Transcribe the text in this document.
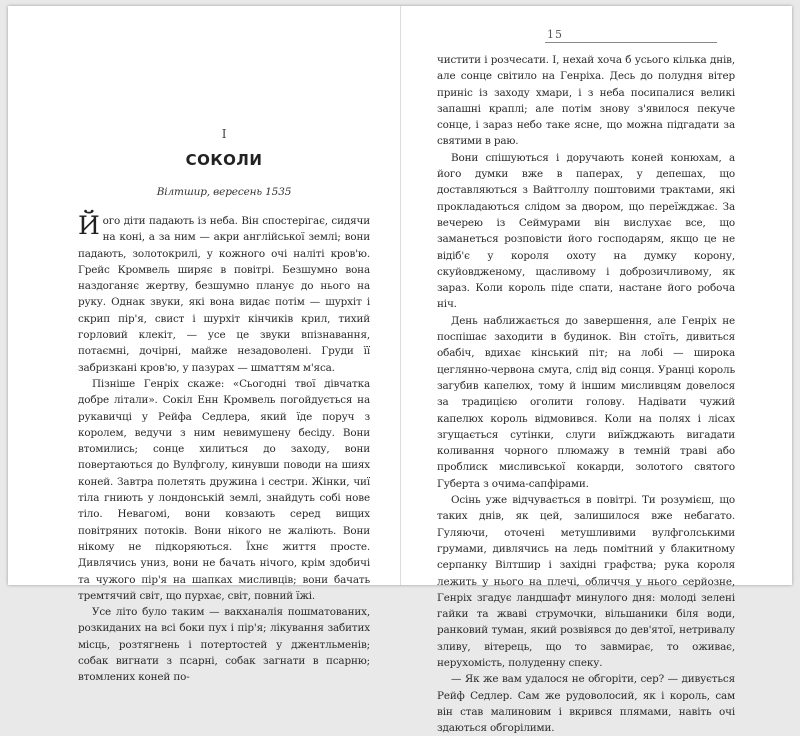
I
СОКОЛИ
Вілтшир, вересень 1535

Його діти падають із неба. Він спостерігає, сидячи на коні, а за ним — акри англійської землі; вони падають, золотокрилі, у кожного очі наліті кров'ю. Грейс Кромвель ширяє в повітрі. Безшумно вона наздоганяє жертву, безшумно планує до нього на руку. Однак звуки, які вона видає потім — шурхіт і скрип пір'я, свист і шурхіт кінчиків крил, тихий горловий клекіт, — усе це звуки впізнавання, потаємні, дочірні, майже незадоволені. Груди її забризкані кров'ю, у пазурах — шматтям м'яса.

Пізніше Генріх скаже: «Сьогодні твої дівчатка добре літали». Сокіл Енн Кромвель погойдується на рукавичці у Рейфа Седлера, який їде поруч з королем, ведучи з ним невимушену бесіду. Вони втомились; сонце хилиться до заходу, вони повертаються до Вулфголу, кинувши поводи на шиях коней. Завтра полетять дружина і сестри. Жінки, чиї тіла гниють у лондонській землі, знайдуть собі нове тіло. Невагомі, вони ковзають серед вищих повітряних потоків. Вони нікого не жаліють. Вони нікому не підкоряються. Їхнє життя просте. Дивлячись униз, вони не бачать нічого, крім здобичі та чужого пір'я на шапках мисливців; вони бачать тремтячий світ, що пурхає, світ, повний їжі.

Усе літо було таким — вакханалія пошматованих, розкиданих на всі боки пух і пір'я; лікування забитих місць, розтягнень і потертостей у джентльменів; собак вигнати з псарні, собак загнати в псарню; втомлених коней по-

15

чистити і розчесати. І, нехай хоча б усього кілька днів, але сонце світило на Генріха. Десь до полудня вітер приніс із заходу хмари, і з неба посипалися великі запашні краплі; але потім знову з'явилося пекуче сонце, і зараз небо таке ясне, що можна підгадати за святими в раю.

Вони спішуються і доручають коней конюхам, а його думки вже в паперах, у депешах, що доставляються з Вайтголлу поштовими трактами, які прокладаються слідом за двором, що переїжджає. За вечерею із Сеймурами він вислухає все, що заманеться розповісти його господарям, якщо це не відіб'є у короля охоту на думку корону, скуйовдженому, щасливому і доброзичливому, як зараз. Коли король піде спати, настане його робоча ніч.

День наближається до завершення, але Генріх не поспішає заходити в будинок. Він стоїть, дивиться обабіч, вдихає кінський піт; на лобі — широка цеглянно-червона смуга, слід від сонця. Уранці король загубив капелюх, тому й іншим мисливцям довелося за традицією оголити голову. Надівати чужий капелюх король відмовився. Коли на полях і лісах згущається сутінки, слуги виїжджають вигадати коливання чорного плюмажу в темній траві або проблиск мисливської кокарди, золотого святого Губерта з очима-сапфірами.

Осінь уже відчувається в повітрі. Ти розумієш, що таких днів, як цей, залишилося вже небагато. Гуляючи, оточені метушливими вулфголськими грумами, дивлячись на ледь помітний у блакитному серпанку Вілтшир і західні графства; рука короля лежить у нього на плечі, обличчя у нього серйозне, Генріх згадує ландшафт минулого дня: молоді зелені гайки та жваві струмочки, вільшаники біля води, ранковий туман, який розвіявся до дев'ятої, нетривалу зливу, вітерець, що то завмирає, то оживає, нерухомість, полуденну спеку.

— Як же вам удалося не обгоріти, сер? — дивується Рейф Седлер. Сам же рудоволосий, як і король, сам він став малиновим і вкрився плямами, навіть очі здаються обгорілими.
